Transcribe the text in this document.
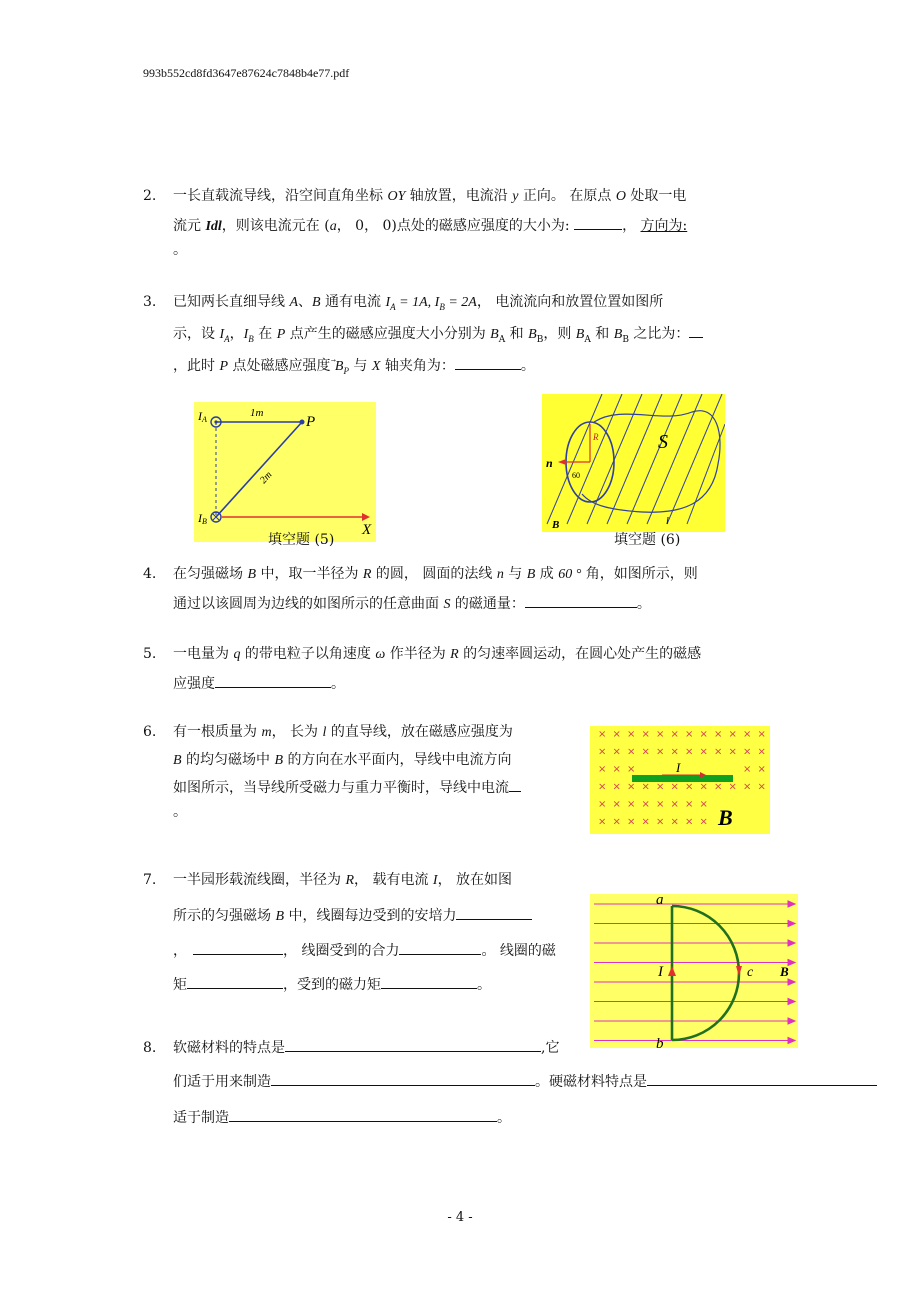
993b552cd8fd3647e87624c7848b4e77.pdf
2.	一长直载流导线，沿空间直角坐标 OY 轴放置，电流沿 y 正向。 在原点 O 处取一电
流元 Idl，则该电流元在 (a， 0， 0)点处的磁感应强度的大小为:	， 方向为:
。
3.	已知两长直细导线 A、B 通有电流 $I_A = 1A$, $I_B = 2A$， 电流流向和放置位置如图所
示，设 $I_A$，$I_B$ 在 P 点产生的磁感应强度大小分别为 $B_A$ 和 $B_B$，则 $B_A$ 和 $B_B$ 之比为：
，此时 P 点处磁感应强度
$B_P$ 与 X 轴夹角为：	。
IA
IB
1m
2m
P
X
填空题 (5)
R
60
n
S
B	l
填空题 (6)
4.	在匀强磁场 B 中，取一半径为 R 的圆， 圆面的法线 n 与 B 成 60 ° 角，如图所示，则
通过以该圆周为边线的如图所示的任意曲面 S 的磁通量：	。
5.	一电量为 q 的带电粒子以角速度 ω 作半径为 R 的匀速率圆运动，在圆心处产生的磁感
应强度	。
6.	有一根质量为 m， 长为 l 的直导线，放在磁感应强度为
B 的均匀磁场中 B 的方向在水平面内，导线中电流方向
如图所示，当导线所受磁力与重力平衡时，导线中电流
。
× × × × × × × × × × × ×
× × × × × × × × × × × ×
× × ×	× ×
× × × × × × × × × × × ×
× × × × × × × ×
× × × × × × × ×
I
B
7.	一半园形载流线圈，半径为 R， 载有电流 I， 放在如图
所示的匀强磁场 B 中，线圈每边受到的安培力
，	， 线圈受到的合力	。 线圈的磁
矩	，受到的磁力矩	。
a
b
I	c B
8.	软磁材料的特点是	,它
们适于用来制造	。硬磁材料特点是
适于制造	。
- 4 -
